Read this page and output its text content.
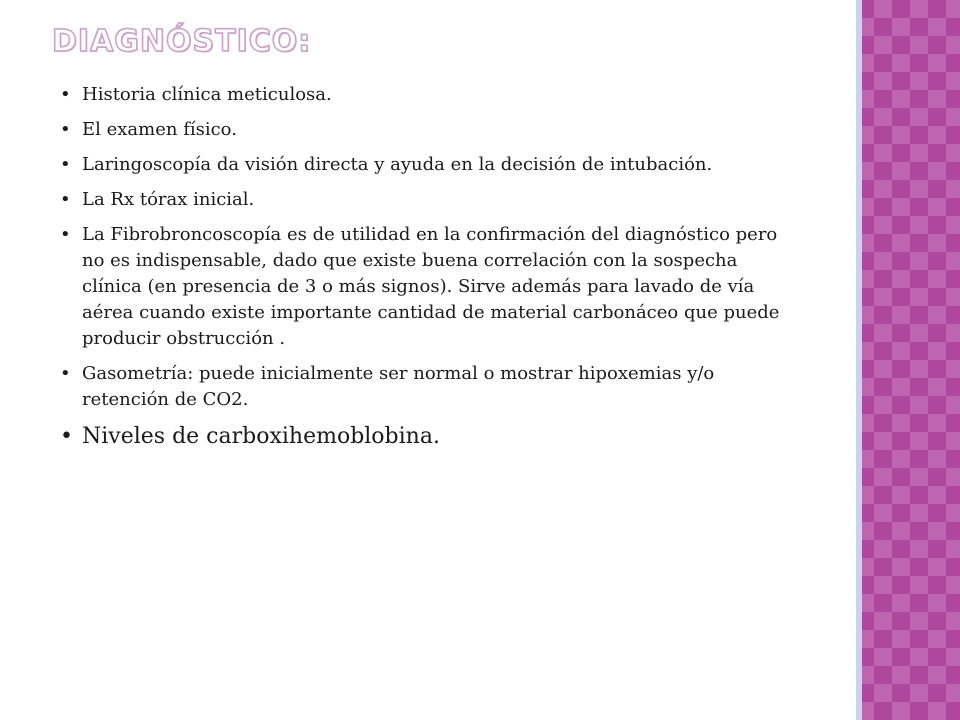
DIAGNÓSTICO:
• Historia clínica meticulosa.
• El examen físico.
• Laringoscopía da visión directa y ayuda en la decisión de intubación.
• La Rx tórax inicial.
• La Fibrobroncoscopía es de utilidad en la confirmación del diagnóstico pero no es indispensable, dado que existe buena correlación con la sospecha clínica (en presencia de 3 o más signos). Sirve además para lavado de vía aérea cuando existe importante cantidad de material carbonáceo que puede producir obstrucción .
• Gasometría: puede inicialmente ser normal o mostrar hipoxemias y/o retención de CO2.
• Niveles de carboxihemoblobina.
